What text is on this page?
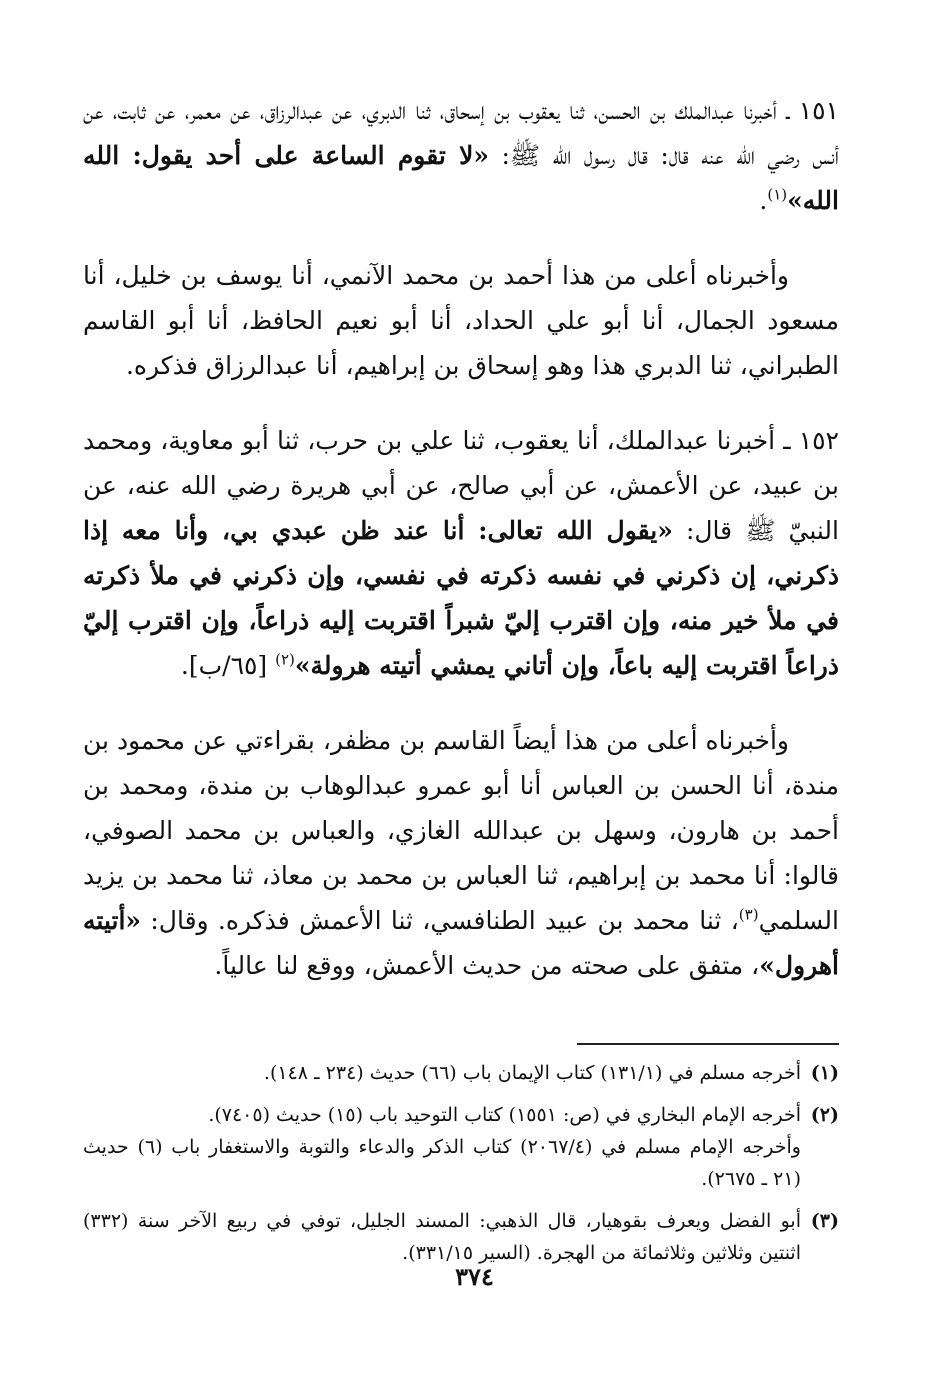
١٥١ ـ أخبرنا عبدالملك بن الحسن، ثنا يعقوب بن إسحاق، ثنا الدبري، عن عبدالرزاق، عن معمر، عن ثابت، عن أنس رضي الله عنه قال: قال رسول الله ﷺ: «لا تقوم الساعة على أحد يقول: الله الله»$^{(١)}$.

وأخبرناه أعلى من هذا أحمد بن محمد الآنمي، أنا يوسف بن خليل، أنا مسعود الجمال، أنا أبو علي الحداد، أنا أبو نعيم الحافظ، أنا أبو القاسم الطبراني، ثنا الدبري هذا وهو إسحاق بن إبراهيم، أنا عبدالرزاق فذكره.

١٥٢ ـ أخبرنا عبدالملك، أنا يعقوب، ثنا علي بن حرب، ثنا أبو معاوية، ومحمد بن عبيد، عن الأعمش، عن أبي صالح، عن أبي هريرة رضي الله عنه، عن النبيّ ﷺ قال: «يقول الله تعالى: أنا عند ظن عبدي بي، وأنا معه إذا ذكرني، إن ذكرني في نفسه ذكرته في نفسي، وإن ذكرني في ملأ ذكرته في ملأ خير منه، وإن اقترب إليّ شبراً اقتربت إليه ذراعاً، وإن اقترب إليّ ذراعاً اقتربت إليه باعاً، وإن أتاني يمشي أتيته هرولة»$^{(٢)}$ [٦٥/ب].

وأخبرناه أعلى من هذا أيضاً القاسم بن مظفر، بقراءتي عن محمود بن مندة، أنا الحسن بن العباس أنا أبو عمرو عبدالوهاب بن مندة، ومحمد بن أحمد بن هارون، وسهل بن عبدالله الغازي، والعباس بن محمد الصوفي، قالوا: أنا محمد بن إبراهيم، ثنا العباس بن محمد بن معاذ، ثنا محمد بن يزيد السلمي$^{(٣)}$، ثنا محمد بن عبيد الطنافسي، ثنا الأعمش فذكره. وقال: «أتيته أهرول»، متفق على صحته من حديث الأعمش، ووقع لنا عالياً.

(١)
أخرجه مسلم في (١٣١/١) كتاب الإيمان باب (٦٦) حديث (٢٣٤ ـ ١٤٨).
(٢)
أخرجه الإمام البخاري في (ص: ١٥٥١) كتاب التوحيد باب (١٥) حديث (٧٤٠٥).
وأخرجه الإمام مسلم في (٢٠٦٧/٤) كتاب الذكر والدعاء والتوبة والاستغفار باب (٦) حديث (٢١ ـ ٢٦٧٥).
(٣)
أبو الفضل ويعرف بقوهيار، قال الذهبي: المسند الجليل، توفي في ربيع الآخر سنة (٣٣٢) اثنتين وثلاثين وثلاثمائة من الهجرة. (السير ٣٣١/١٥).
٣٧٤
